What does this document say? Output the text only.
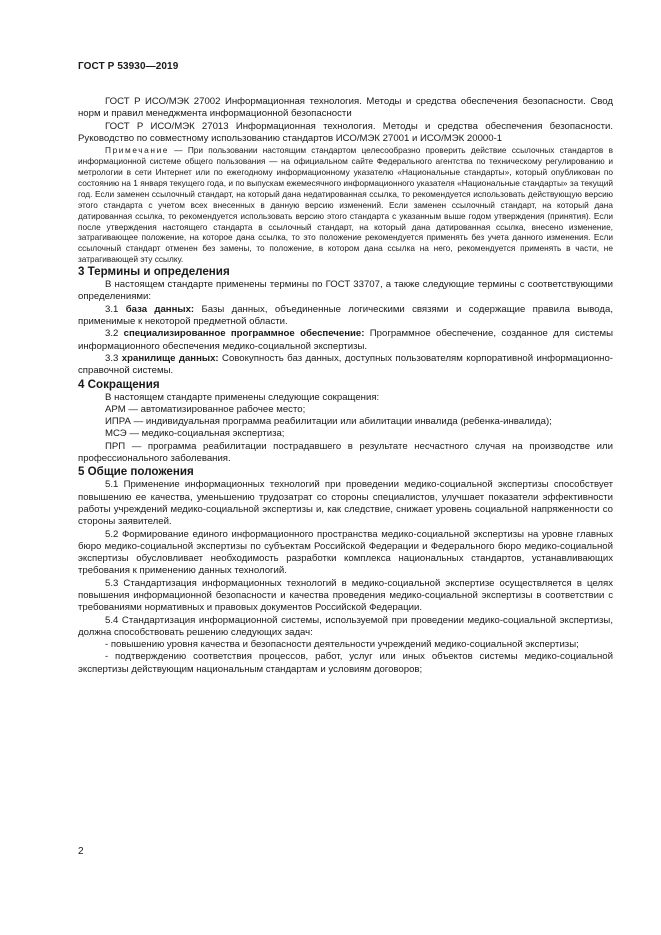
ГОСТ Р 53930—2019

ГОСТ Р ИСО/МЭК 27002 Информационная технология. Методы и средства обеспечения безопасности. Свод норм и правил менеджмента информационной безопасности

ГОСТ Р ИСО/МЭК 27013 Информационная технология. Методы и средства обеспечения безопасности. Руководство по совместному использованию стандартов ИСО/МЭК 27001 и ИСО/МЭК 20000-1

Примечание — При пользовании настоящим стандартом целесообразно проверить действие ссылочных стандартов в информационной системе общего пользования — на официальном сайте Федерального агентства по техническому регулированию и метрологии в сети Интернет или по ежегодному информационному указателю «Национальные стандарты», который опубликован по состоянию на 1 января текущего года, и по выпускам ежемесячного информационного указателя «Национальные стандарты» за текущий год. Если заменен ссылочный стандарт, на который дана недатированная ссылка, то рекомендуется использовать действующую версию этого стандарта с учетом всех внесенных в данную версию изменений. Если заменен ссылочный стандарт, на который дана датированная ссылка, то рекомендуется использовать версию этого стандарта с указанным выше годом утверждения (принятия). Если после утверждения настоящего стандарта в ссылочный стандарт, на который дана датированная ссылка, внесено изменение, затрагивающее положение, на которое дана ссылка, то это положение рекомендуется применять без учета данного изменения. Если ссылочный стандарт отменен без замены, то положение, в котором дана ссылка на него, рекомендуется применять в части, не затрагивающей эту ссылку.

3 Термины и определения

В настоящем стандарте применены термины по ГОСТ 33707, а также следующие термины с соответствующими определениями:

3.1 база данных: Базы данных, объединенные логическими связями и содержащие правила вывода, применимые к некоторой предметной области.

3.2 специализированное программное обеспечение: Программное обеспечение, созданное для системы информационного обеспечения медико-социальной экспертизы.

3.3 хранилище данных: Совокупность баз данных, доступных пользователям корпоративной информационно-справочной системы.

4 Сокращения

В настоящем стандарте применены следующие сокращения:

АРМ — автоматизированное рабочее место;

ИПРА — индивидуальная программа реабилитации или абилитации инвалида (ребенка-инвалида);

МСЭ — медико-социальная экспертиза;

ПРП — программа реабилитации пострадавшего в результате несчастного случая на производстве или профессионального заболевания.

5 Общие положения

5.1 Применение информационных технологий при проведении медико-социальной экспертизы способствует повышению ее качества, уменьшению трудозатрат со стороны специалистов, улучшает показатели эффективности работы учреждений медико-социальной экспертизы и, как следствие, снижает уровень социальной напряженности со стороны заявителей.

5.2 Формирование единого информационного пространства медико-социальной экспертизы на уровне главных бюро медико-социальной экспертизы по субъектам Российской Федерации и Федерального бюро медико-социальной экспертизы обусловливает необходимость разработки комплекса национальных стандартов, устанавливающих требования к применению данных технологий.

5.3 Стандартизация информационных технологий в медико-социальной экспертизе осуществляется в целях повышения информационной безопасности и качества проведения медико-социальной экспертизы в соответствии с требованиями нормативных и правовых документов Российской Федерации.

5.4 Стандартизация информационной системы, используемой при проведении медико-социальной экспертизы, должна способствовать решению следующих задач:

- повышению уровня качества и безопасности деятельности учреждений медико-социальной экспертизы;

- подтверждению соответствия процессов, работ, услуг или иных объектов системы медико-социальной экспертизы действующим национальным стандартам и условиям договоров;

2
